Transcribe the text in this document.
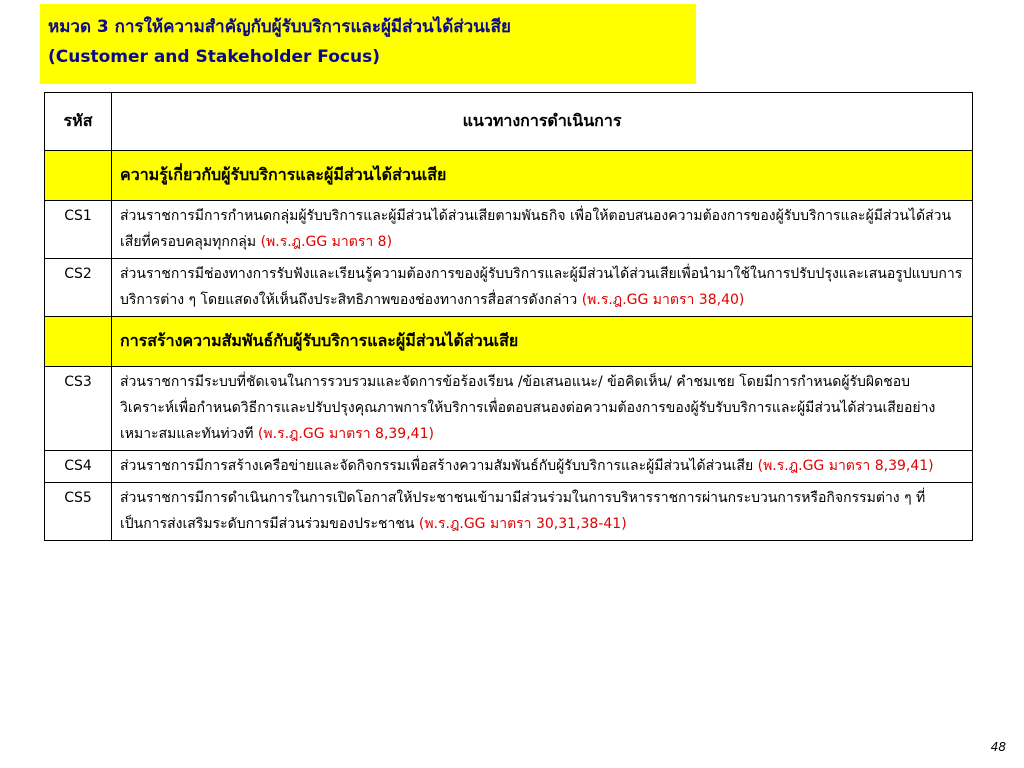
หมวด 3 การให้ความสำคัญกับผู้รับบริการและผู้มีส่วนได้ส่วนเสีย
(Customer and Stakeholder Focus)
รหัส	แนวทางการดำเนินการ
	ความรู้เกี่ยวกับผู้รับบริการและผู้มีส่วนได้ส่วนเสีย
CS1	ส่วนราชการมีการกำหนดกลุ่มผู้รับบริการและผู้มีส่วนได้ส่วนเสียตามพันธกิจ เพื่อให้ตอบสนองความต้องการของผู้รับบริการและผู้มีส่วนได้ส่วนเสียที่ครอบคลุมทุกกลุ่ม (พ.ร.ฎ.GG มาตรา 8)
CS2	ส่วนราชการมีช่องทางการรับฟังและเรียนรู้ความต้องการของผู้รับบริการและผู้มีส่วนได้ส่วนเสียเพื่อนำมาใช้ในการปรับปรุงและเสนอรูปแบบการบริการต่าง ๆ โดยแสดงให้เห็นถึงประสิทธิภาพของช่องทางการสื่อสารดังกล่าว (พ.ร.ฎ.GG มาตรา 38,40)
	การสร้างความสัมพันธ์กับผู้รับบริการและผู้มีส่วนได้ส่วนเสีย
CS3	ส่วนราชการมีระบบที่ชัดเจนในการรวบรวมและจัดการข้อร้องเรียน /ข้อเสนอแนะ/ ข้อคิดเห็น/ คำชมเชย โดยมีการกำหนดผู้รับผิดชอบ วิเคราะห์เพื่อกำหนดวิธีการและปรับปรุงคุณภาพการให้บริการเพื่อตอบสนองต่อความต้องการของผู้รับรับบริการและผู้มีส่วนได้ส่วนเสียอย่างเหมาะสมและทันท่วงที (พ.ร.ฎ.GG มาตรา 8,39,41)
CS4	ส่วนราชการมีการสร้างเครือข่ายและจัดกิจกรรมเพื่อสร้างความสัมพันธ์กับผู้รับบริการและผู้มีส่วนได้ส่วนเสีย (พ.ร.ฎ.GG มาตรา 8,39,41)
CS5	ส่วนราชการมีการดำเนินการในการเปิดโอกาสให้ประชาชนเข้ามามีส่วนร่วมในการบริหารราชการผ่านกระบวนการหรือกิจกรรมต่าง ๆ ที่เป็นการส่งเสริมระดับการมีส่วนร่วมของประชาชน (พ.ร.ฎ.GG มาตรา 30,31,38-41)
48
